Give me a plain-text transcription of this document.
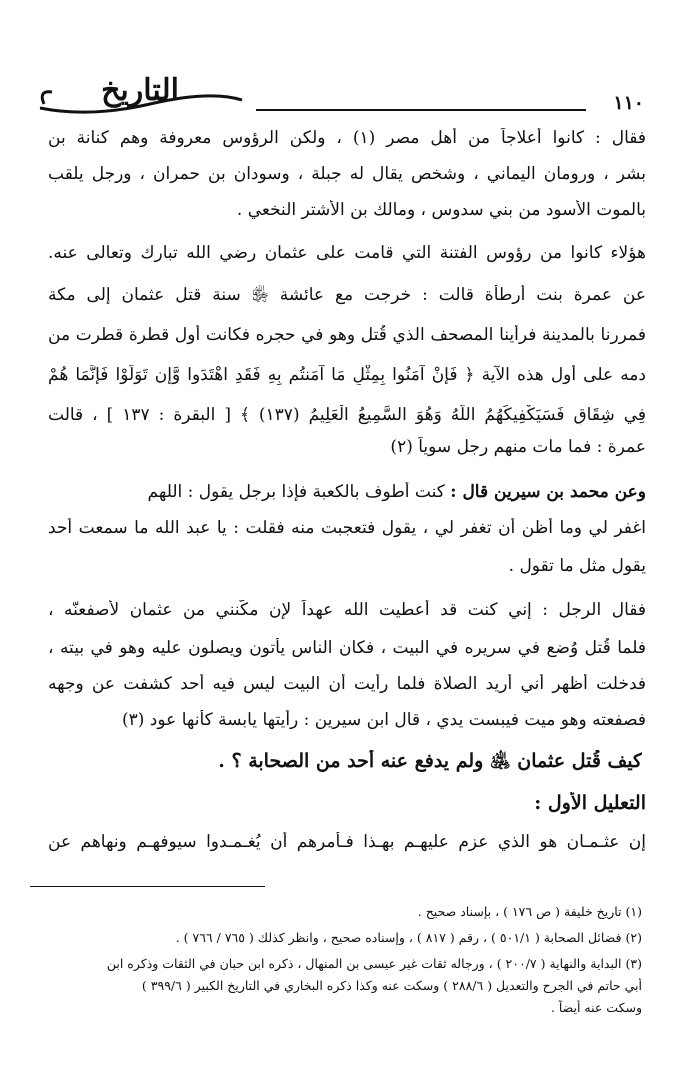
١١٠
التاريخ
فقال : كانوا أعلاجاً من أهل مصر (١) ، ولكن الرؤوس معروفة وهم كنانة بن
بشر ، ورومان اليماني ، وشخص يقال له جبلة ، وسودان بن حمران ، ورجل يلقب
بالموت الأسود من بني سدوس ، ومالك بن الأشتر النخعي .
هؤلاء كانوا من رؤوس الفتنة التي قامت على عثمان رضي الله تبارك وتعالى عنه.
عن عمرة بنت أرطأة قالت : خرجت مع عائشة ﵂ سنة قتل عثمان إلى مكة
فمررنا بالمدينة فرأينا المصحف الذي قُتل وهو في حجره فكانت أول قطرة قطرت من
دمه على أول هذه الآية ﴿ فَإِنْ آمَنُوا بِمِثْلِ مَا آمَنتُم بِهِ فَقَدِ اهْتَدَوا وَّإِن تَوَلَّوْا فَإِنَّمَا هُمْ
فِي شِقَاقٍ فَسَيَكْفِيكَهُمُ اللَّهُ وَهُوَ السَّمِيعُ الْعَلِيمُ (١٣٧) ﴾ [ البقرة : ١٣٧ ] ، قالت
عمرة : فما مات منهم رجل سوياً (٢)
وعن محمد بن سيرين قال : كنت أطوف بالكعبة فإذا برجل يقول : اللهم
اغفر لي وما أظن أن تغفر لي ، يقول فتعجبت منه فقلت : يا عبد الله ما سمعت أحد
يقول مثل ما تقول .
فقال الرجل : إني كنت قد أعطيت الله عهداً لإن مكّنني من عثمان لأصفعنّه ،
فلما قُتل وُضع في سريره في البيت ، فكان الناس يأتون ويصلون عليه وهو في بيته ،
فدخلت أُظهر أني أُريد الصلاة فلما رأيت أن البيت ليس فيه أحد كشفت عن وجهه
فصفعته وهو ميت فيبست يدي ، قال ابن سيرين : رأيتها يابسة كأنها عود (٣)
كيف قُتل عثمان ﵁ ولم يدفع عنه أحد من الصحابة ؟ .
التعليل الأول :
إن عثـمـان هو الذي عزم عليهـم بهـذا فـأمرهم أن يُغـمـدوا سيوفهـم ونهاهم عن
(١) تاريخ خليفة ( ص ١٧٦ ) ، بإسناد صحيح .
(٢) فضائل الصحابة ( ٥٠١/١ ) ، رقم ( ٨١٧ ) ، وإسناده صحيح ، وانظر كذلك ( ٧٦٥ / ٧٦٦ ) .
(٣) البداية والنهاية ( ٢٠٠/٧ ) ، ورجاله ثقات غير عيسى بن المنهال ، ذكره ابن حبان في الثقات وذكره ابن
أبي حاتم في الجرح والتعديل ( ٢٨٨/٦ ) وسكت عنه وكذا ذكره البخاري في التاريخ الكبير ( ٣٩٩/٦ )
وسكت عنه أيضاً .
